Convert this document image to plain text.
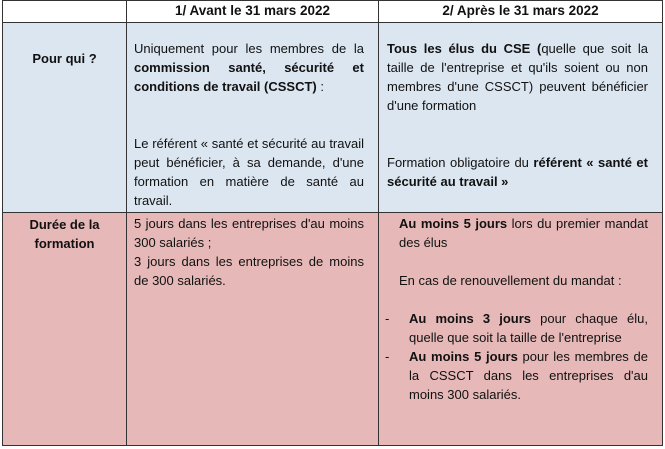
1/ Avant le 31 mars 2022	2/ Après le 31 mars 2022
Pour qui ?

Uniquement pour les membres de la commission santé, sécurité et conditions de travail (CSSCT) :

Le référent « santé et sécurité au travail peut bénéficier, à sa demande, d'une formation en matière de santé au travail.

Tous les élus du CSE (quelle que soit la taille de l'entreprise et qu'ils soient ou non membres d'une CSSCT) peuvent bénéficier d'une formation

Formation obligatoire du référent « santé et sécurité au travail »

Durée de la formation

5 jours dans les entreprises d'au moins 300 salariés ;

3 jours dans les entreprises de moins de 300 salariés.

Au moins 5 jours lors du premier mandat des élus

En cas de renouvellement du mandat :

- Au moins 3 jours pour chaque élu, quelle que soit la taille de l'entreprise

- Au moins 5 jours pour les membres de la CSSCT dans les entreprises d'au moins 300 salariés.
